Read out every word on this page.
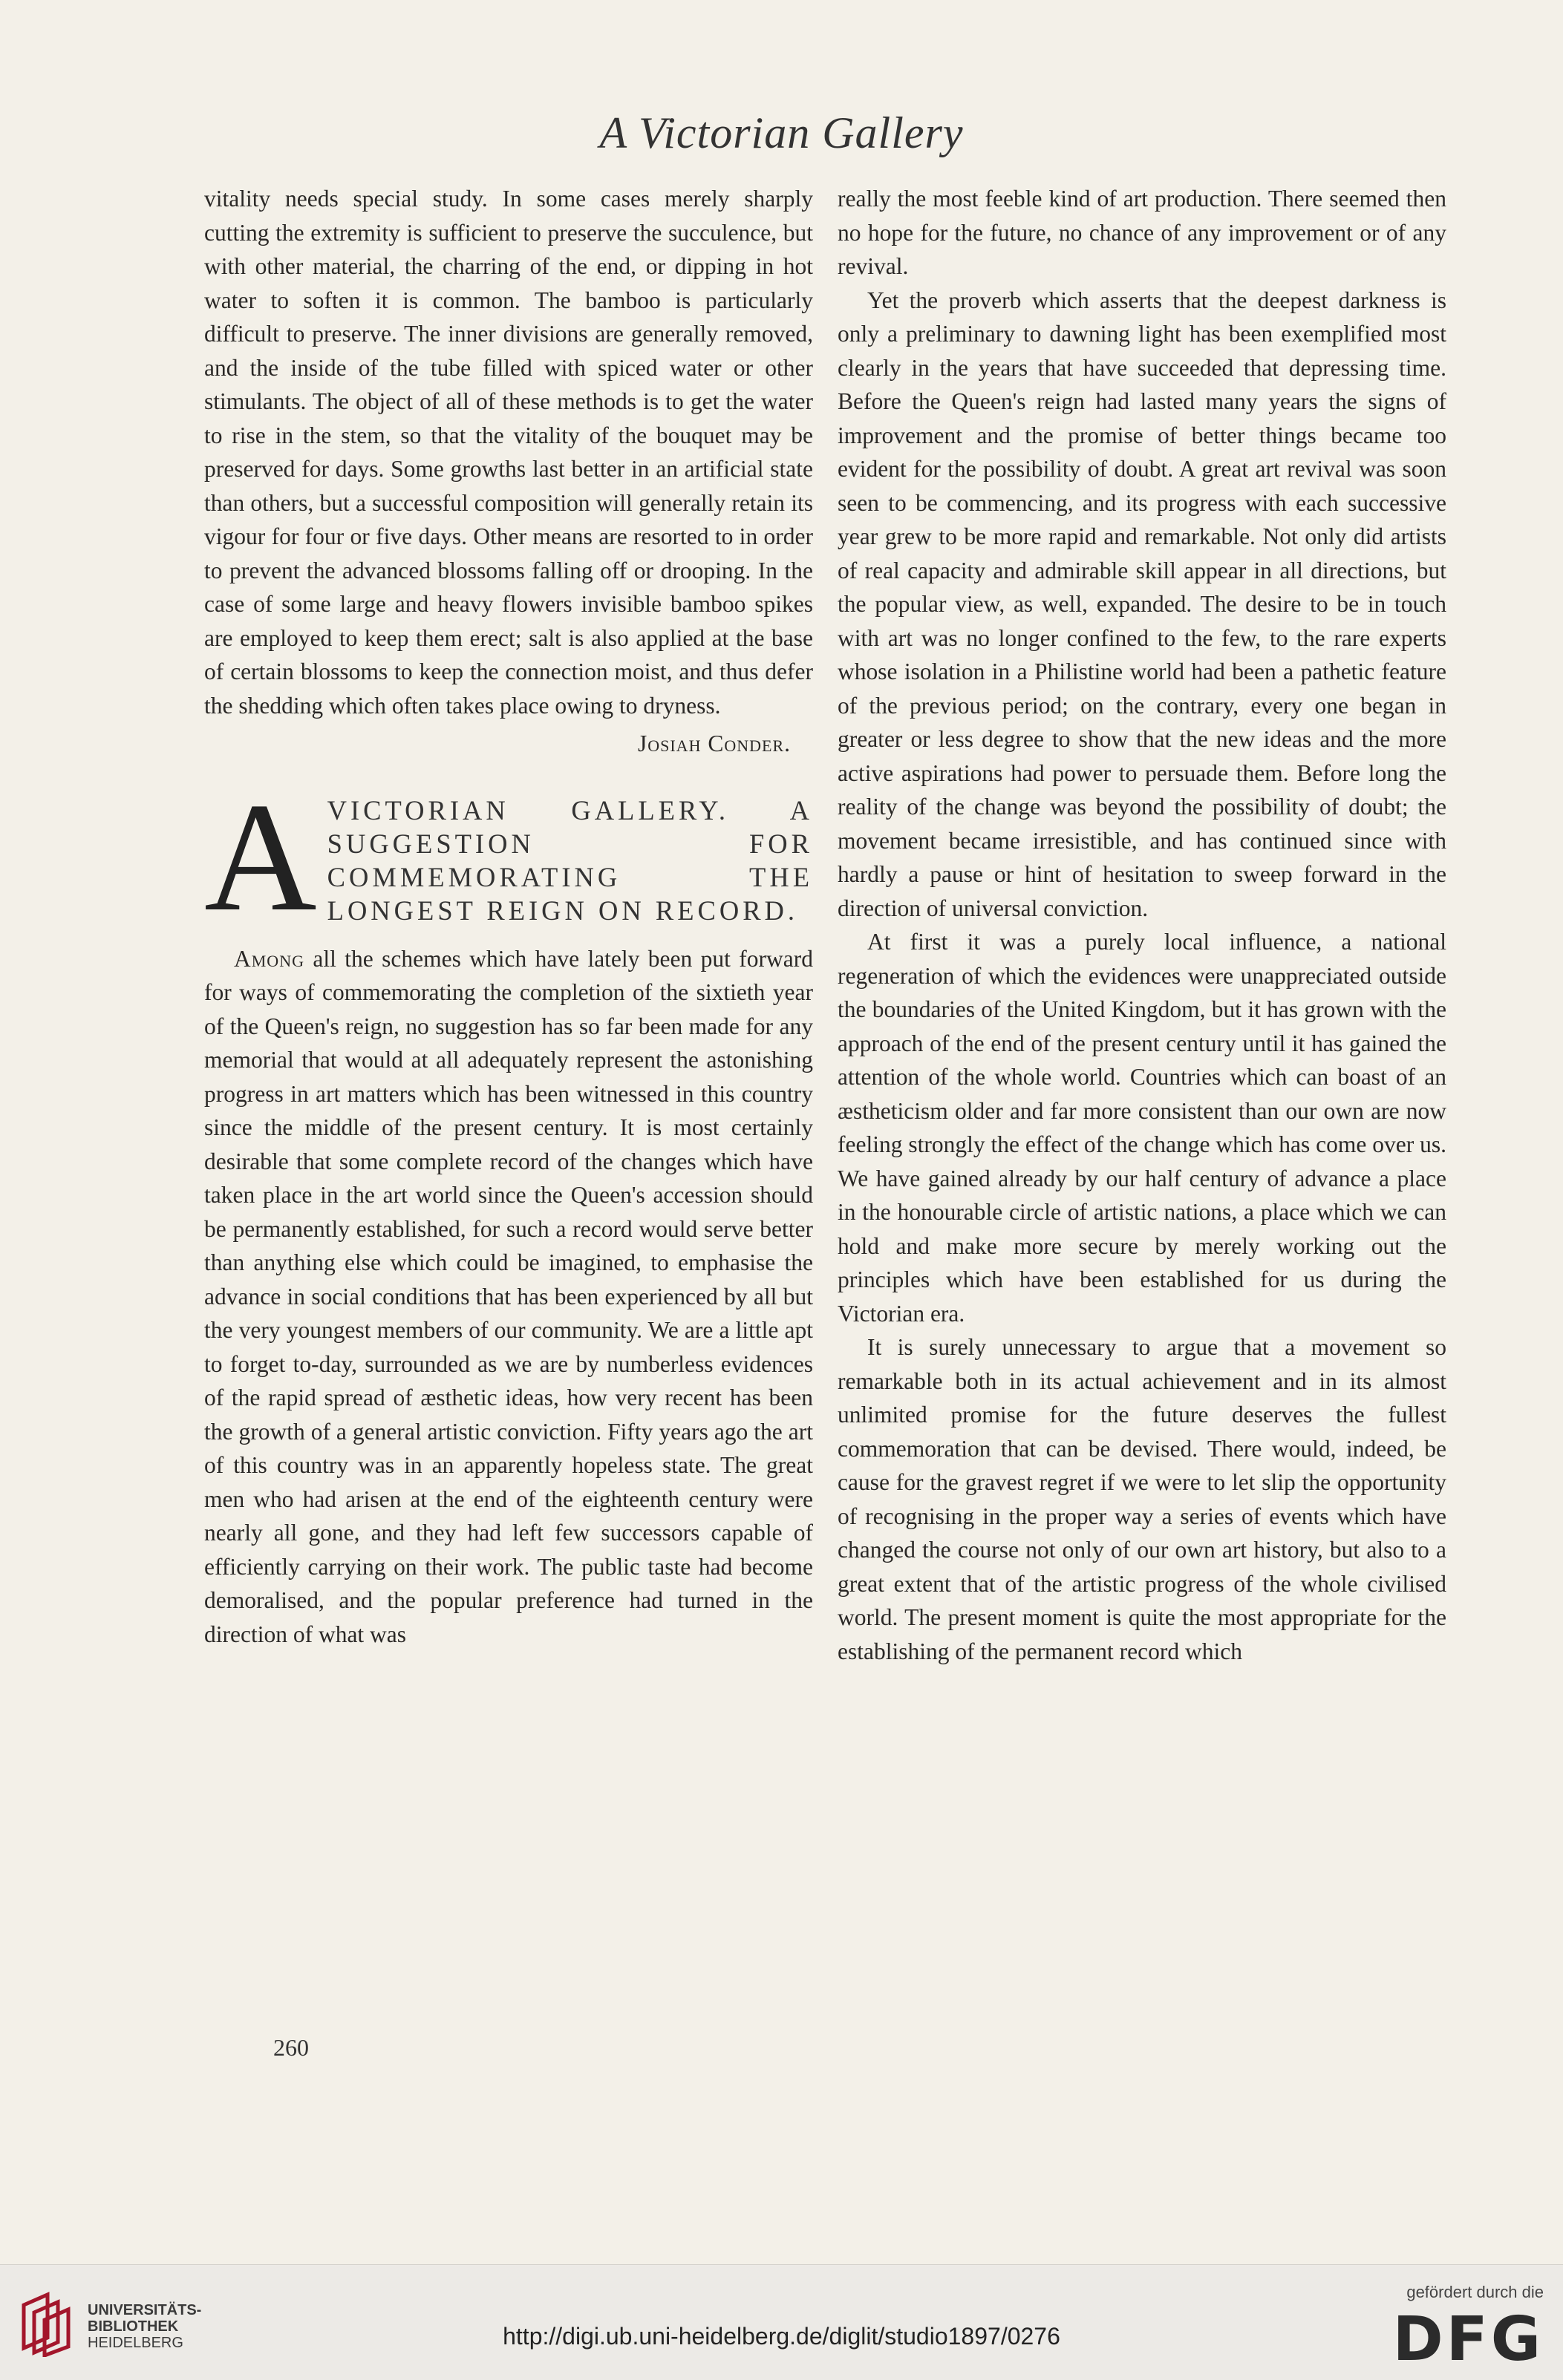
A Victorian Gallery

vitality needs special study. In some cases merely sharply cutting the extremity is sufficient to preserve the succulence, but with other material, the charring of the end, or dipping in hot water to soften it is common. The bamboo is particularly difficult to preserve. The inner divisions are generally removed, and the inside of the tube filled with spiced water or other stimulants. The object of all of these methods is to get the water to rise in the stem, so that the vitality of the bouquet may be preserved for days. Some growths last better in an artificial state than others, but a successful composition will generally retain its vigour for four or five days. Other means are resorted to in order to prevent the advanced blossoms falling off or drooping. In the case of some large and heavy flowers invisible bamboo spikes are employed to keep them erect; salt is also applied at the base of certain blossoms to keep the connection moist, and thus defer the shedding which often takes place owing to dryness.

Josiah Conder.
A VICTORIAN GALLERY. A SUGGESTION FOR COMMEMORATING THE LONGEST REIGN ON RECORD.

Among all the schemes which have lately been put forward for ways of commemorating the completion of the sixtieth year of the Queen's reign, no suggestion has so far been made for any memorial that would at all adequately represent the astonishing progress in art matters which has been witnessed in this country since the middle of the present century. It is most certainly desirable that some complete record of the changes which have taken place in the art world since the Queen's accession should be permanently established, for such a record would serve better than anything else which could be imagined, to emphasise the advance in social conditions that has been experienced by all but the very youngest members of our community. We are a little apt to forget to-day, surrounded as we are by numberless evidences of the rapid spread of æsthetic ideas, how very recent has been the growth of a general artistic conviction. Fifty years ago the art of this country was in an apparently hopeless state. The great men who had arisen at the end of the eighteenth century were nearly all gone, and they had left few successors capable of efficiently carrying on their work. The public taste had become demoralised, and the popular preference had turned in the direction of what was

really the most feeble kind of art production. There seemed then no hope for the future, no chance of any improvement or of any revival.

Yet the proverb which asserts that the deepest darkness is only a preliminary to dawning light has been exemplified most clearly in the years that have succeeded that depressing time. Before the Queen's reign had lasted many years the signs of improvement and the promise of better things became too evident for the possibility of doubt. A great art revival was soon seen to be commencing, and its progress with each successive year grew to be more rapid and remarkable. Not only did artists of real capacity and admirable skill appear in all directions, but the popular view, as well, expanded. The desire to be in touch with art was no longer confined to the few, to the rare experts whose isolation in a Philistine world had been a pathetic feature of the previous period; on the contrary, every one began in greater or less degree to show that the new ideas and the more active aspirations had power to persuade them. Before long the reality of the change was beyond the possibility of doubt; the movement became irresistible, and has continued since with hardly a pause or hint of hesitation to sweep forward in the direction of universal conviction.

At first it was a purely local influence, a national regeneration of which the evidences were unappreciated outside the boundaries of the United Kingdom, but it has grown with the approach of the end of the present century until it has gained the attention of the whole world. Countries which can boast of an æstheticism older and far more consistent than our own are now feeling strongly the effect of the change which has come over us. We have gained already by our half century of advance a place in the honourable circle of artistic nations, a place which we can hold and make more secure by merely working out the principles which have been established for us during the Victorian era.

It is surely unnecessary to argue that a movement so remarkable both in its actual achievement and in its almost unlimited promise for the future deserves the fullest commemoration that can be devised. There would, indeed, be cause for the gravest regret if we were to let slip the opportunity of recognising in the proper way a series of events which have changed the course not only of our own art history, but also to a great extent that of the artistic progress of the whole civilised world. The present moment is quite the most appropriate for the establishing of the permanent record which

260
UNIVERSITÄTS-
BIBLIOTHEK
HEIDELBERG	http://digi.ub.uni-heidelberg.de/diglit/studio1897/0276
gefördert durch die
DFG
